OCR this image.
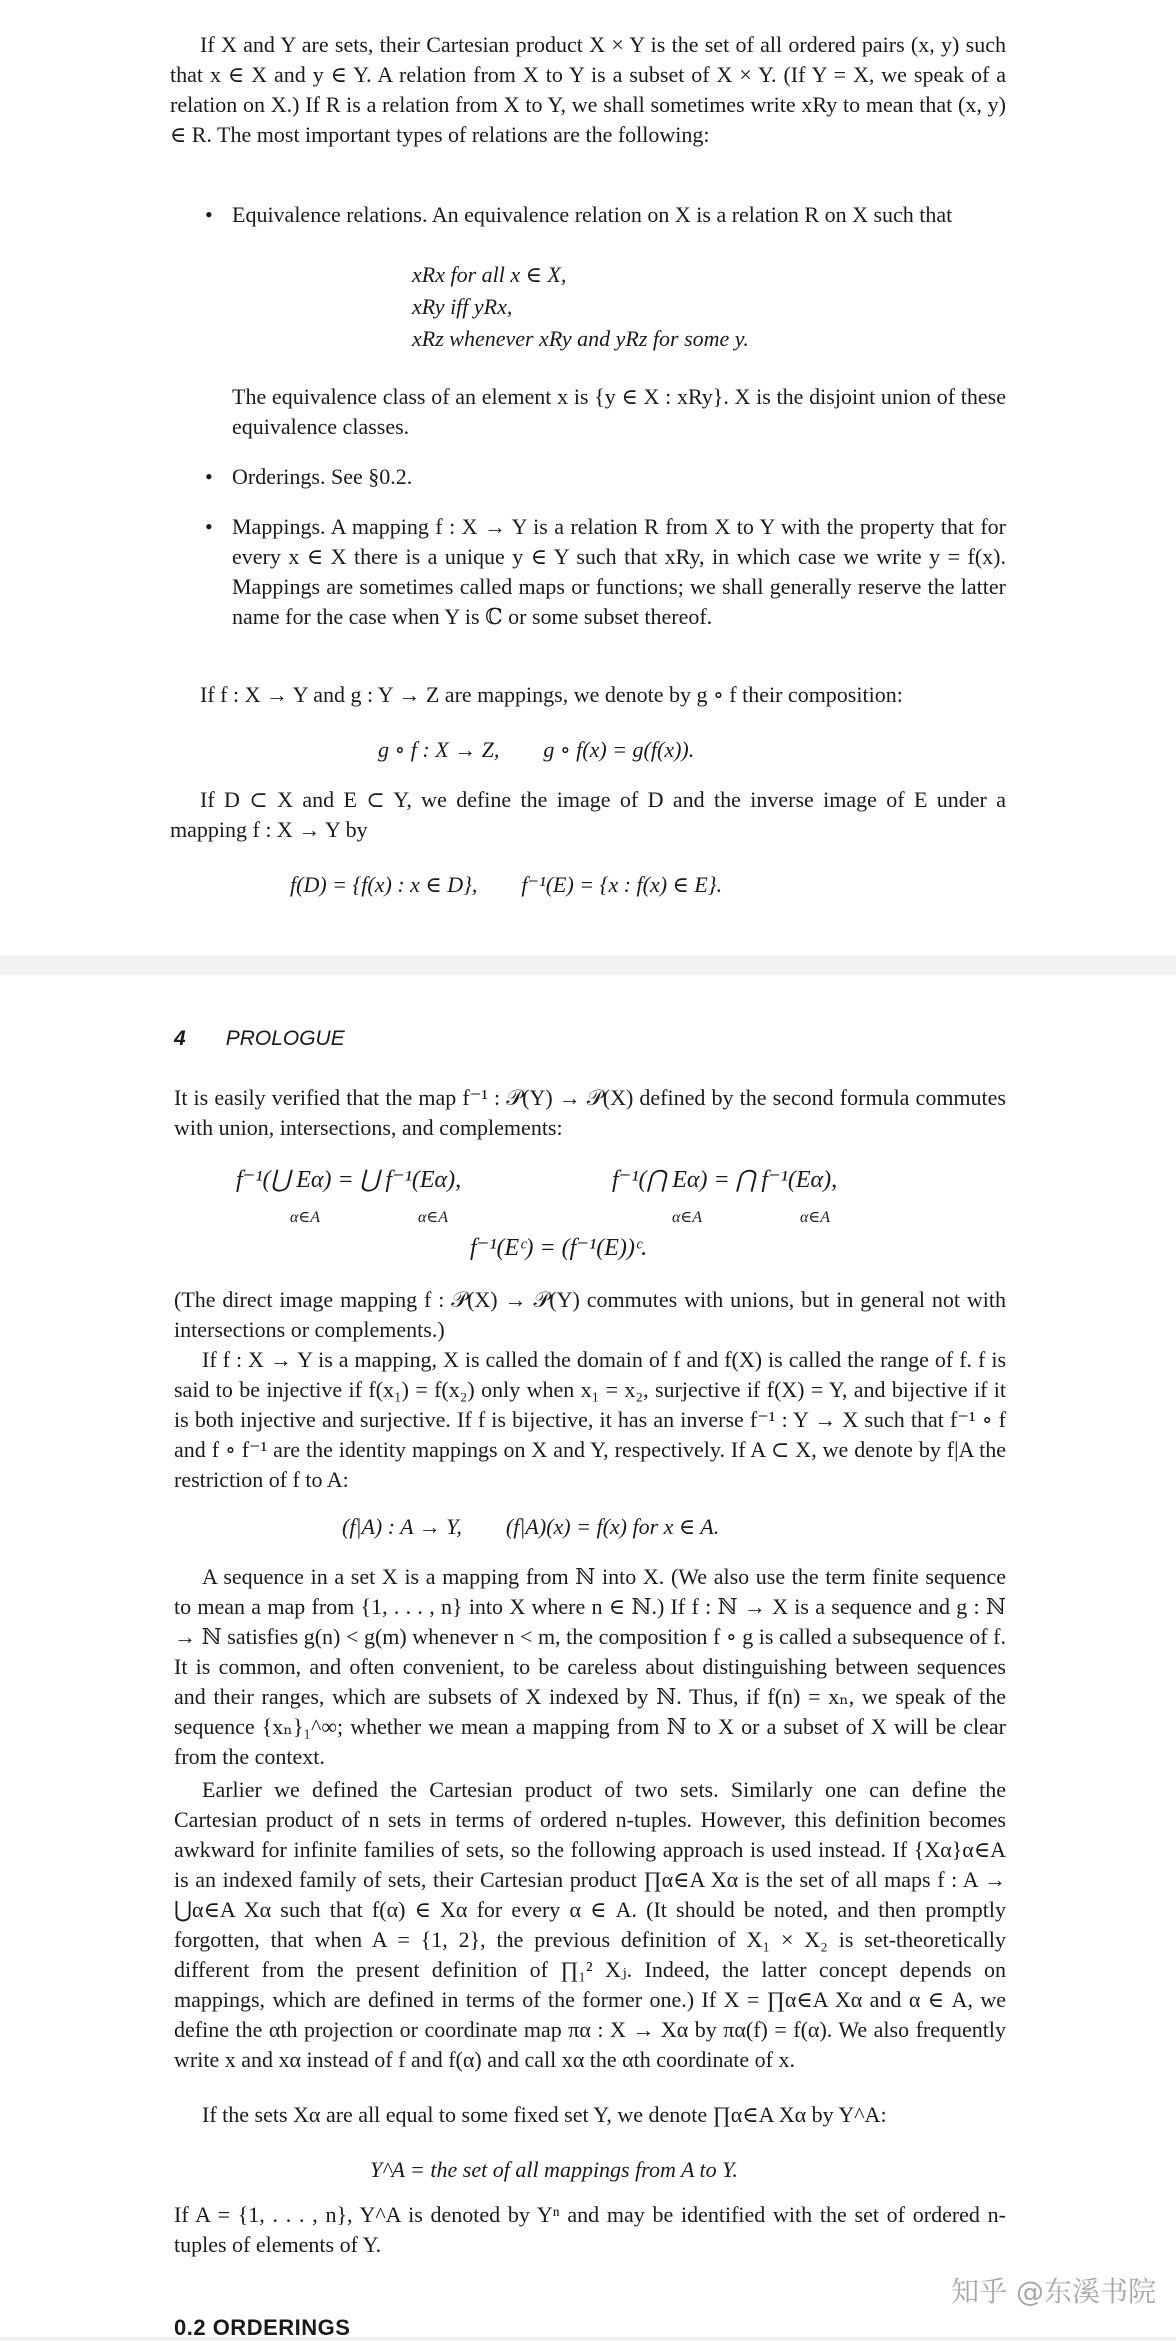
If X and Y are sets, their Cartesian product X × Y is the set of all ordered pairs (x, y) such that x ∈ X and y ∈ Y. A relation from X to Y is a subset of X × Y. (If Y = X, we speak of a relation on X.) If R is a relation from X to Y, we shall sometimes write xRy to mean that (x, y) ∈ R. The most important types of relations are the following:
• Equivalence relations. An equivalence relation on X is a relation R on X such that
xRx for all x ∈ X,
xRy iff yRx,
xRz whenever xRy and yRz for some y.
The equivalence class of an element x is {y ∈ X : xRy}. X is the disjoint union of these equivalence classes.
• Orderings. See §0.2.
• Mappings. A mapping f : X → Y is a relation R from X to Y with the property that for every x ∈ X there is a unique y ∈ Y such that xRy, in which case we write y = f(x). Mappings are sometimes called maps or functions; we shall generally reserve the latter name for the case when Y is ℂ or some subset thereof.
If f : X → Y and g : Y → Z are mappings, we denote by g ∘ f their composition:
g ∘ f : X → Z,        g ∘ f(x) = g(f(x)).
If D ⊂ X and E ⊂ Y, we define the image of D and the inverse image of E under a mapping f : X → Y by
f(D) = {f(x) : x ∈ D},        f⁻¹(E) = {x : f(x) ∈ E}.
4 PROLOGUE
It is easily verified that the map f⁻¹ : 𝒫(Y) → 𝒫(X) defined by the second formula commutes with union, intersections, and complements:
f⁻¹(⋃ Eα) = ⋃ f⁻¹(Eα),	f⁻¹(⋂ Eα) = ⋂ f⁻¹(Eα),
α∈A	α∈A	α∈A	α∈A
f⁻¹(Eᶜ) = (f⁻¹(E))ᶜ.
(The direct image mapping f : 𝒫(X) → 𝒫(Y) commutes with unions, but in general not with intersections or complements.)
If f : X → Y is a mapping, X is called the domain of f and f(X) is called the range of f. f is said to be injective if f(x₁) = f(x₂) only when x₁ = x₂, surjective if f(X) = Y, and bijective if it is both injective and surjective. If f is bijective, it has an inverse f⁻¹ : Y → X such that f⁻¹ ∘ f and f ∘ f⁻¹ are the identity mappings on X and Y, respectively. If A ⊂ X, we denote by f|A the restriction of f to A:
(f|A) : A → Y,        (f|A)(x) = f(x) for x ∈ A.
A sequence in a set X is a mapping from ℕ into X. (We also use the term finite sequence to mean a map from {1, . . . , n} into X where n ∈ ℕ.) If f : ℕ → X is a sequence and g : ℕ → ℕ satisfies g(n) < g(m) whenever n < m, the composition f ∘ g is called a subsequence of f. It is common, and often convenient, to be careless about distinguishing between sequences and their ranges, which are subsets of X indexed by ℕ. Thus, if f(n) = xₙ, we speak of the sequence {xₙ}₁^∞; whether we mean a mapping from ℕ to X or a subset of X will be clear from the context.
Earlier we defined the Cartesian product of two sets. Similarly one can define the Cartesian product of n sets in terms of ordered n-tuples. However, this definition becomes awkward for infinite families of sets, so the following approach is used instead. If {Xα}α∈A is an indexed family of sets, their Cartesian product ∏α∈A Xα is the set of all maps f : A → ⋃α∈A Xα such that f(α) ∈ Xα for every α ∈ A. (It should be noted, and then promptly forgotten, that when A = {1, 2}, the previous definition of X₁ × X₂ is set-theoretically different from the present definition of ∏₁² Xⱼ. Indeed, the latter concept depends on mappings, which are defined in terms of the former one.) If X = ∏α∈A Xα and α ∈ A, we define the αth projection or coordinate map πα : X → Xα by πα(f) = f(α). We also frequently write x and xα instead of f and f(α) and call xα the αth coordinate of x.
If the sets Xα are all equal to some fixed set Y, we denote ∏α∈A Xα by Y^A:
Y^A = the set of all mappings from A to Y.
If A = {1, . . . , n}, Y^A is denoted by Yⁿ and may be identified with the set of ordered n-tuples of elements of Y.
知乎 @东溪书院
0.2 ORDERINGS
